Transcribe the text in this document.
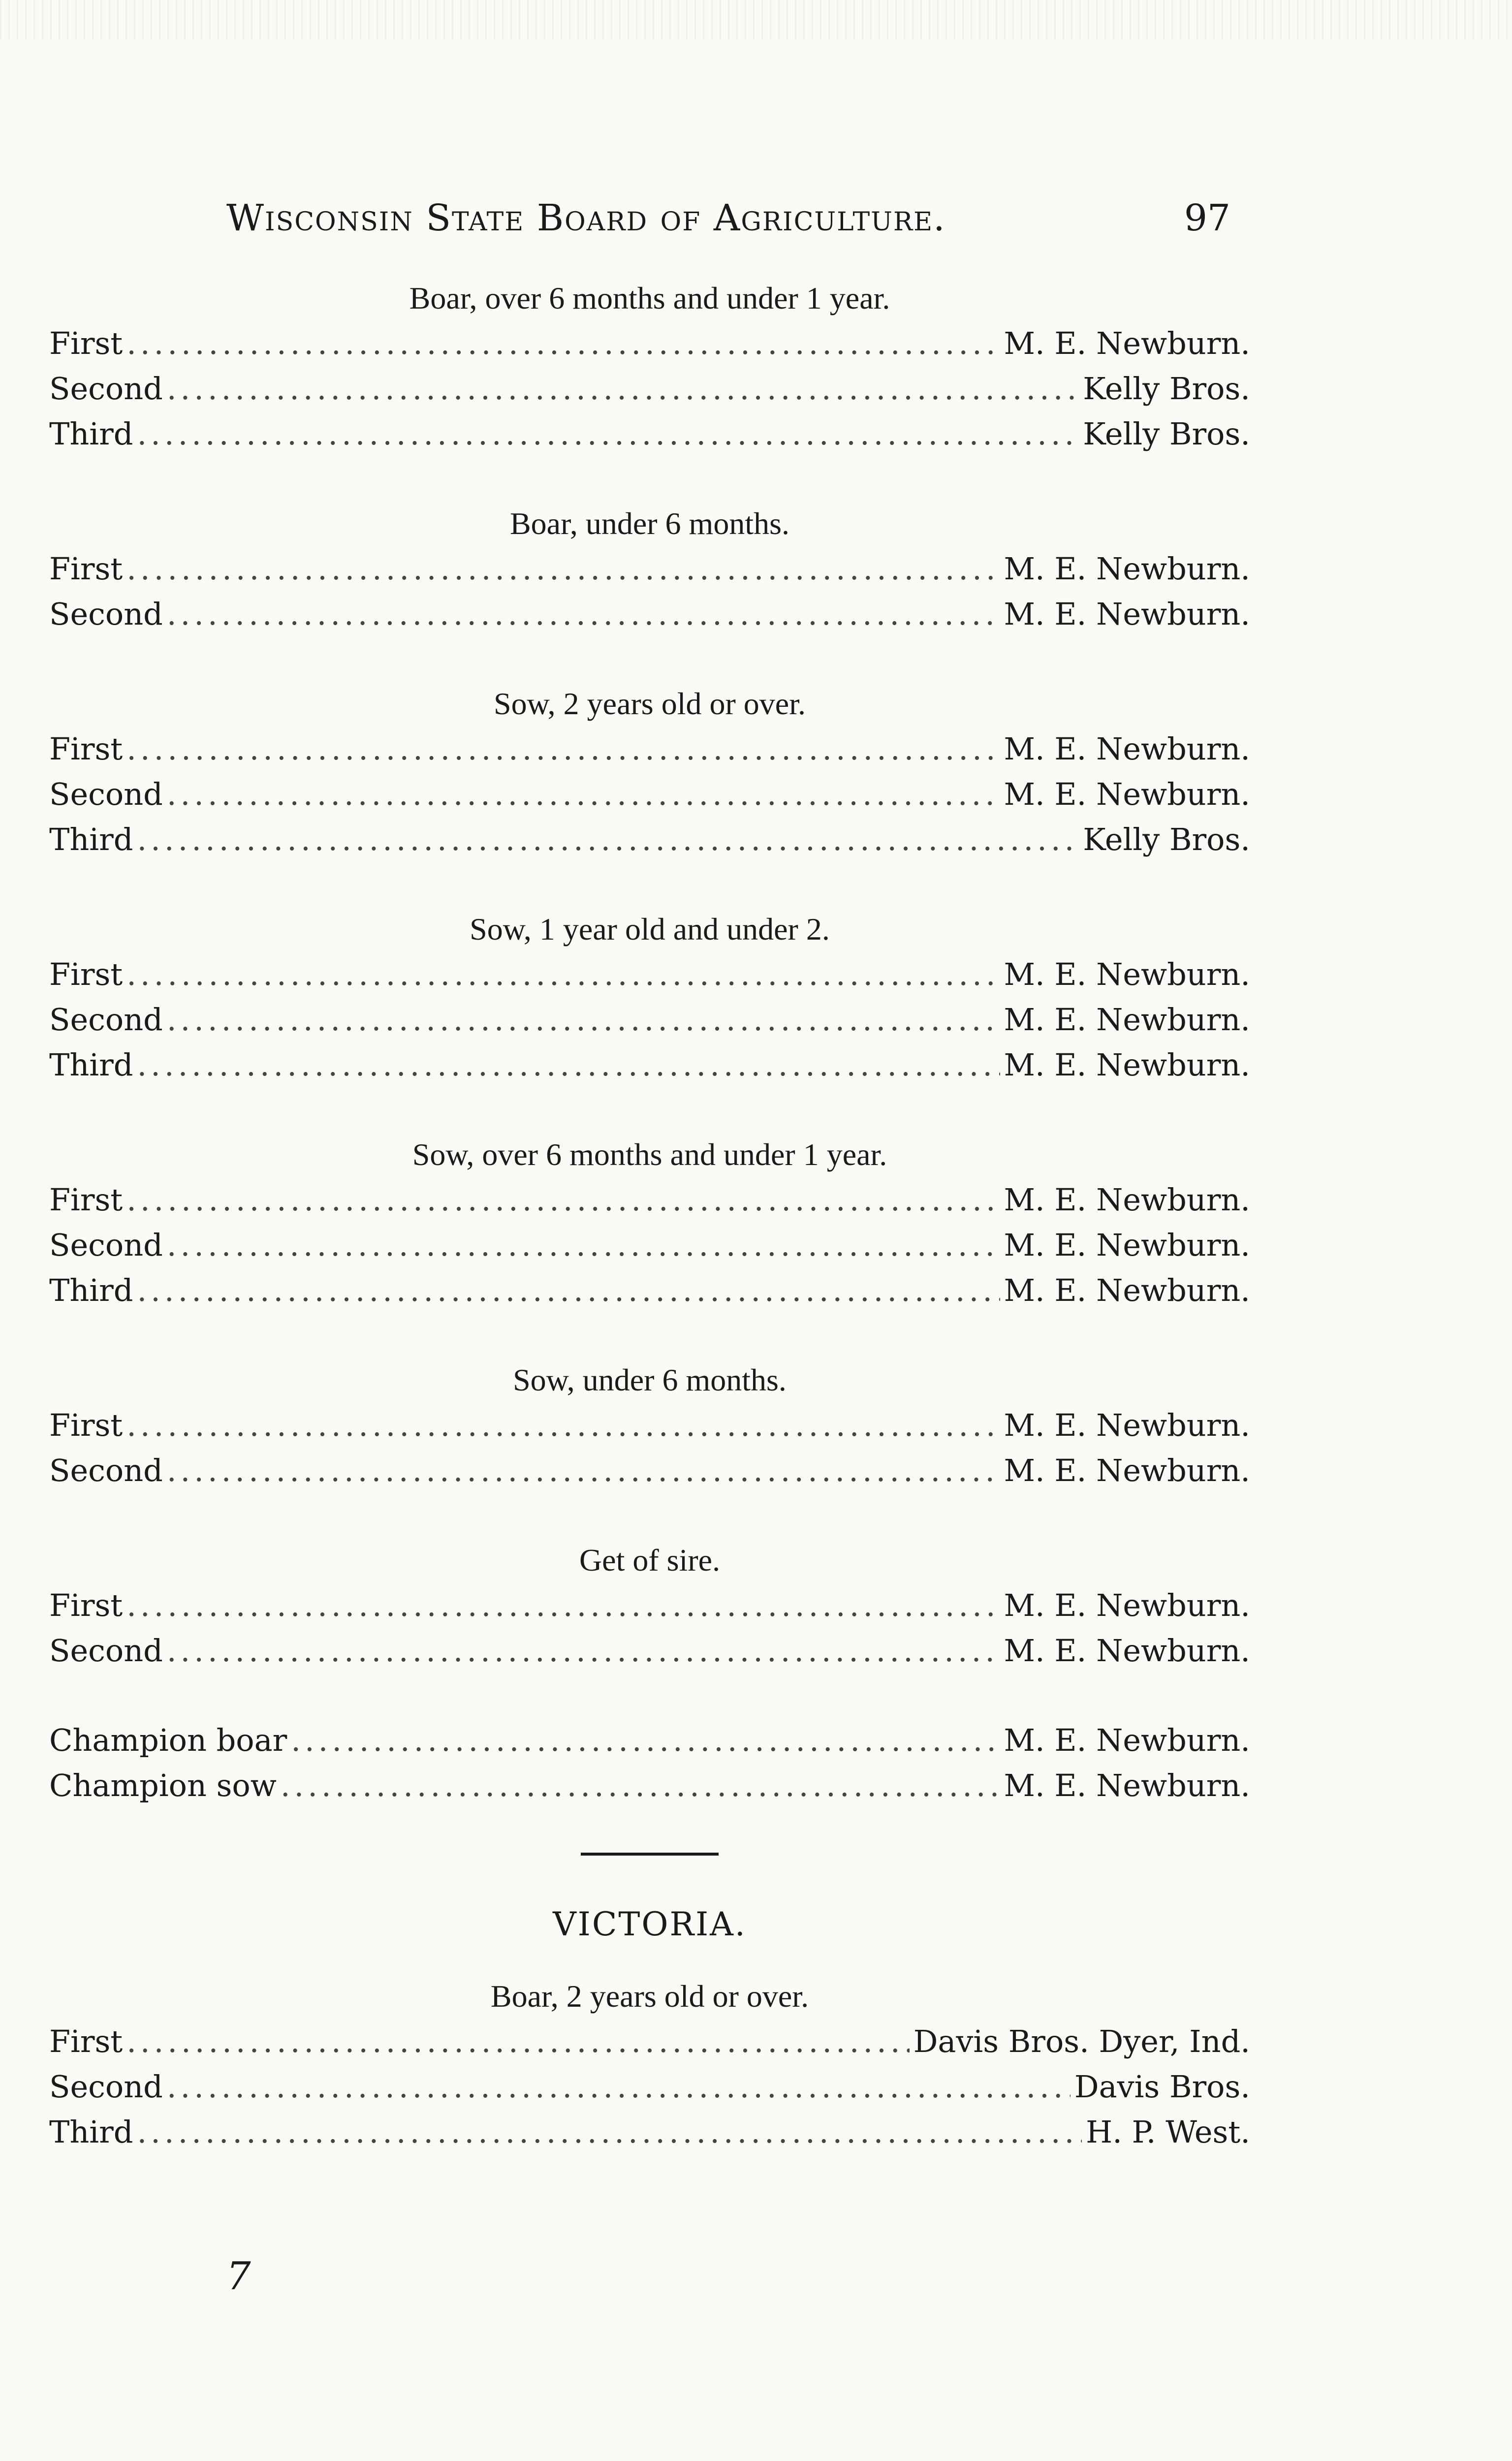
Wisconsin State Board of Agriculture.	97
Boar, over 6 months and under 1 year.
First .....	M. E. Newburn.
Second .....	Kelly Bros.
Third .....	Kelly Bros.
Boar, under 6 months.
First .....	M. E. Newburn.
Second .....	M. E. Newburn.
Sow, 2 years old or over.
First .....	M. E. Newburn.
Second .....	M. E. Newburn.
Third .....	Kelly Bros.
Sow, 1 year old and under 2.
First .....	M. E. Newburn.
Second .....	M. E. Newburn.
Third .....	M. E. Newburn.
Sow, over 6 months and under 1 year.
First .....	M. E. Newburn.
Second .....	M. E. Newburn.
Third .....	M. E. Newburn.
Sow, under 6 months.
First .....	M. E. Newburn.
Second .....	M. E. Newburn.
Get of sire.
First .....	M. E. Newburn.
Second .....	M. E. Newburn.
Champion boar .....	M. E. Newburn.
Champion sow .....	M. E. Newburn.
VICTORIA.
Boar, 2 years old or over.
First .....	Davis Bros. Dyer, Ind.
Second .....	Davis Bros.
Third .....	H. P. West.
7
